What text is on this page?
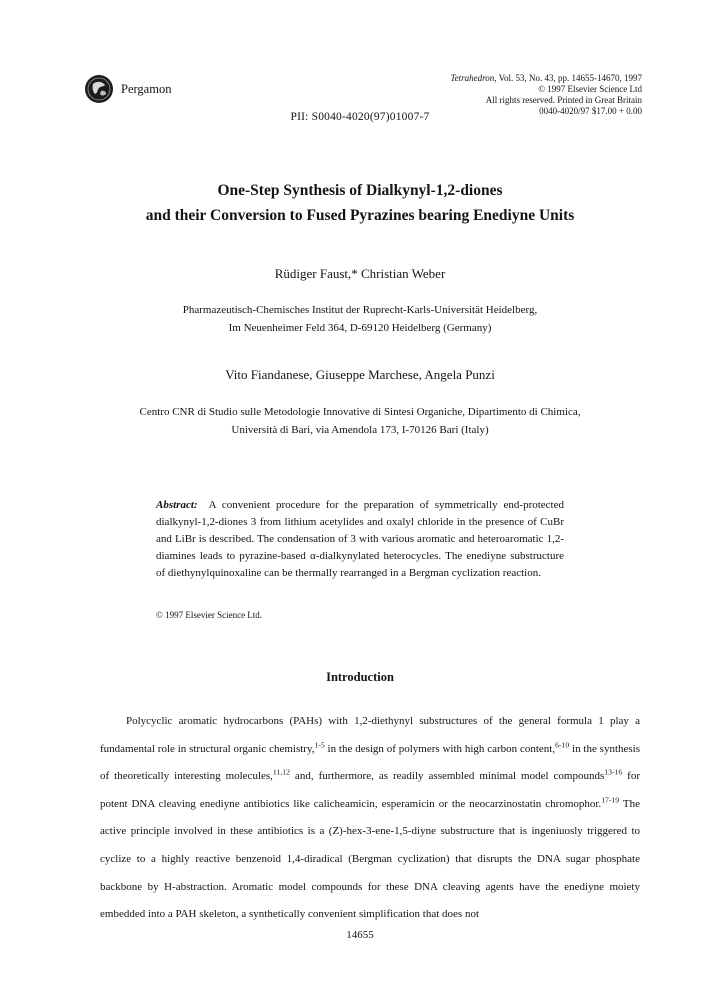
Pergamon
Tetrahedron, Vol. 53, No. 43, pp. 14655-14670, 1997
© 1997 Elsevier Science Ltd
All rights reserved. Printed in Great Britain
0040-4020/97 $17.00 + 0.00
PII: S0040-4020(97)01007-7
One-Step Synthesis of Dialkynyl-1,2-diones
and their Conversion to Fused Pyrazines bearing Enediyne Units
Rüdiger Faust,* Christian Weber
Pharmazeutisch-Chemisches Institut der Ruprecht-Karls-Universität Heidelberg,
Im Neuenheimer Feld 364, D-69120 Heidelberg (Germany)
Vito Fiandanese, Giuseppe Marchese, Angela Punzi
Centro CNR di Studio sulle Metodologie Innovative di Sintesi Organiche, Dipartimento di Chimica,
Università di Bari, via Amendola 173, I-70126 Bari (Italy)
Abstract: A convenient procedure for the preparation of symmetrically end-protected dialkynyl-1,2-diones 3 from lithium acetylides and oxalyl chloride in the presence of CuBr and LiBr is described. The condensation of 3 with various aromatic and heteroaromatic 1,2-diamines leads to pyrazine-based α-dialkynylated heterocycles. The enediyne substructure of diethynylquinoxaline can be thermally rearranged in a Bergman cyclization reaction.
© 1997 Elsevier Science Ltd.
Introduction

Polycyclic aromatic hydrocarbons (PAHs) with 1,2-diethynyl substructures of the general formula 1 play a fundamental role in structural organic chemistry,$^{1-5}$ in the design of polymers with high carbon content,$^{6-10}$ in the synthesis of theoretically interesting molecules,$^{11,12}$ and, furthermore, as readily assembled minimal model compounds$^{13-16}$ for potent DNA cleaving enediyne antibiotics like calicheamicin, esperamicin or the neocarzinostatin chromophor.$^{17-19}$ The active principle involved in these antibiotics is a (Z)-hex-3-ene-1,5-diyne substructure that is ingeniuosly triggered to cyclize to a highly reactive benzenoid 1,4-diradical (Bergman cyclization) that disrupts the DNA sugar phosphate backbone by H-abstraction. Aromatic model compounds for these DNA cleaving agents have the enediyne moiety embedded into a PAH skeleton, a synthetically convenient simplification that does not

14655
